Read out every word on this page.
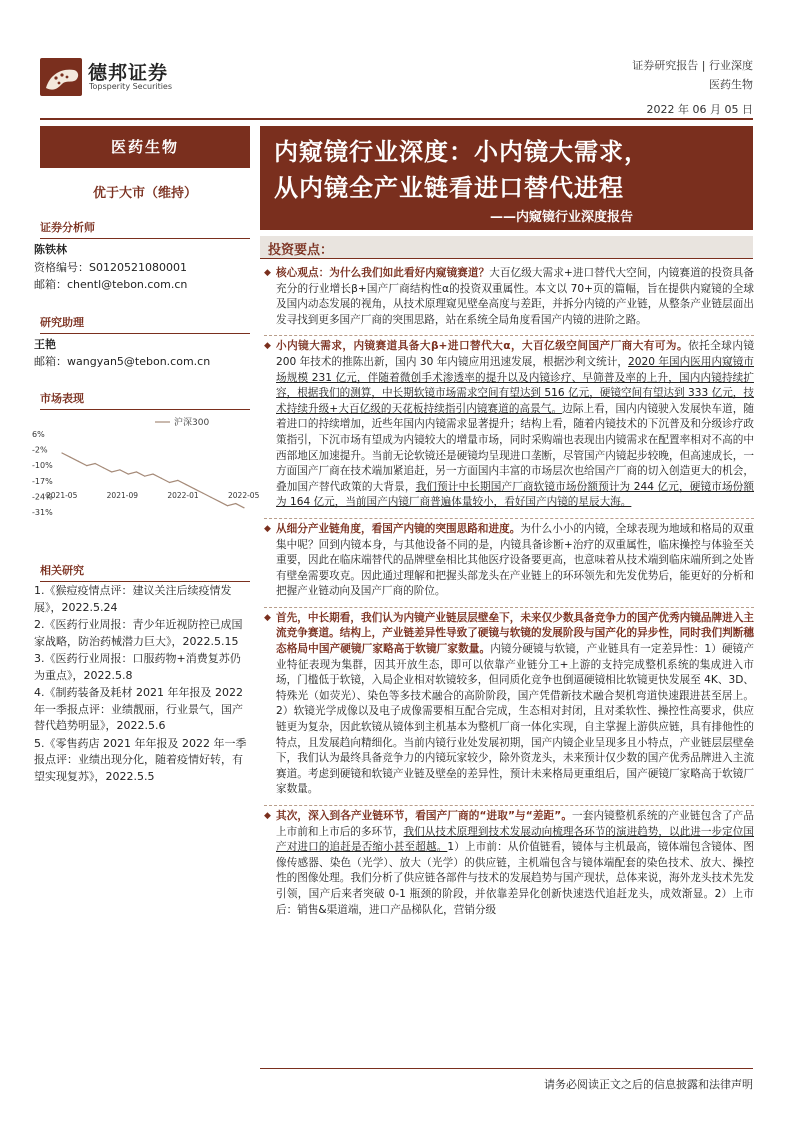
德邦证券
Topsperity Securities
证券研究报告 | 行业深度
医药生物
2022 年 06 月 05 日
医药生物
优于大市（维持）
证券分析师
陈铁林
资格编号：S0120521080001
邮箱：chentl@tebon.com.cn
研究助理
王艳
邮箱：wangyan5@tebon.com.cn
市场表现
沪深300
6%
-2%
-10%
-17%
-24%
-31%
2021-05	2021-09	2022-01	2022-05
相关研究
1.《猴痘疫情点评：建议关注后续疫情发展》，2022.5.24
2.《医药行业周报：青少年近视防控已成国家战略，防治药械潜力巨大》，2022.5.15
3.《医药行业周报：口服药物+消费复苏仍为重点》，2022.5.8
4.《制药装备及耗材 2021 年年报及 2022 年一季报点评：业绩靓丽，行业景气，国产替代趋势明显》，2022.5.6
5.《零售药店 2021 年年报及 2022 年一季报点评：业绩出现分化，随着疫情好转，有望实现复苏》，2022.5.5
内窥镜行业深度：小内镜大需求，
从内镜全产业链看进口替代进程
——内窥镜行业深度报告
投资要点：

◆ 核心观点：为什么我们如此看好内窥镜赛道？大百亿级大需求+进口替代大空间，内镜赛道的投资具备充分的行业增长β+国产厂商结构性α的投资双重属性。本文以 70+页的篇幅，旨在提供内窥镜的全球及国内动态发展的视角，从技术原理窥见壁垒高度与差距，并拆分内镜的产业链，从整条产业链层面出发寻找到更多国产厂商的突围思路，站在系统全局角度看国产内镜的进阶之路。

◆ 小内镜大需求，内镜赛道具备大β+进口替代大α，大百亿级空间国产厂商大有可为。依托全球内镜 200 年技术的推陈出新，国内 30 年内镜应用迅速发展，根据沙利文统计，2020 年国内医用内窥镜市场规模 231 亿元，伴随着微创手术渗透率的提升以及内镜诊疗、早筛普及率的上升，国内内镜持续扩容，根据我们的测算，中长期软镜市场需求空间有望达到 516 亿元，硬镜空间有望达到 333 亿元，技术持续升级+大百亿级的天花板持续指引内镜赛道的高景气。边际上看，国内内镜驶入发展快车道，随着进口的持续增加，近些年国内内镜需求显著提升；结构上看，随着内镜技术的下沉普及和分级诊疗政策指引，下沉市场有望成为内镜较大的增量市场，同时采购端也表现出内镜需求在配置率相对不高的中西部地区加速提升。当前无论软镜还是硬镜均呈现进口垄断，尽管国产内镜起步较晚，但高速成长，一方面国产厂商在技术端加紧追赶，另一方面国内丰富的市场层次也给国产厂商的切入创造更大的机会，叠加国产替代政策的大背景，我们预计中长期国产厂商软镜市场份额预计为 244 亿元，硬镜市场份额为 164 亿元，当前国产内镜厂商普遍体量较小，看好国产内镜的星辰大海。

◆ 从细分产业链角度，看国产内镜的突围思路和进度。为什么小小的内镜，全球表现为地域和格局的双重集中呢？回到内镜本身，与其他设备不同的是，内镜具备诊断+治疗的双重属性，临床操控与体验至关重要，因此在临床端替代的品牌壁垒相比其他医疗设备要更高，也意味着从技术端到临床端所到之处皆有壁垒需要攻克。因此通过理解和把握头部龙头在产业链上的环环领先和先发优势后，能更好的分析和把握产业链动向及国产厂商的阶位。

◆ 首先，中长期看，我们认为内镜产业链层层壁垒下，未来仅少数具备竞争力的国产优秀内镜品牌进入主流竞争赛道。结构上，产业链差异性导致了硬镜与软镜的发展阶段与国产化的异步性，同时我们判断穗态格局中国产硬镜厂家略高于软镜厂家数量。内镜分硬镜与软镜，产业链具有一定差异性：1）硬镜产业特征表现为集群，因其开放生态，即可以依靠产业链分工+上游的支持完成整机系统的集成进入市场，门槛低于软镜，入局企业相对软镜较多，但同质化竞争也倒逼硬镜相比软镜更快发展至 4K、3D、特殊光（如荧光）、染色等多技术融合的高阶阶段，国产凭借新技术融合契机弯道快速跟进甚至居上。2）软镜光学成像以及电子成像需要相互配合完成，生态相对封闭，且对柔软性、操控性高要求，供应链更为复杂，因此软镜从镜体到主机基本为整机厂商一体化实现，自主掌握上游供应链，具有排他性的特点，且发展趋向精细化。当前内镜行业处发展初期，国产内镜企业呈现多且小特点，产业链层层壁垒下，我们认为最终具备竞争力的内镜玩家较少，除外资龙头，未来预计仅少数的国产优秀品牌进入主流赛道。考虑到硬镜和软镜产业链及壁垒的差异性，预计未来格局更重组后，国产硬镜厂家略高于软镜厂家数量。

◆ 其次，深入到各产业链环节，看国产厂商的“进取”与“差距”。一套内镜整机系统的产业链包含了产品上市前和上市后的多环节，我们从技术原理到技术发展动向梳理各环节的演进趋势，以此进一步定位国产对进口的追赶是否缩小甚至超越。1）上市前：从价值链看，镜体与主机最高，镜体端包含镜体、图像传感器、染色（光学）、放大（光学）的供应链，主机端包含与镜体端配套的染色技术、放大、操控性的图像处理。我们分析了供应链各部件与技术的发展趋势与国产现状，总体来说，海外龙头技术先发引领，国产后来者突破 0-1 瓶颈的阶段，并依靠差异化创新快速迭代追赶龙头，成效渐显。2）上市后：销售&渠道端，进口产品梯队化，营销分级

请务必阅读正文之后的信息披露和法律声明
